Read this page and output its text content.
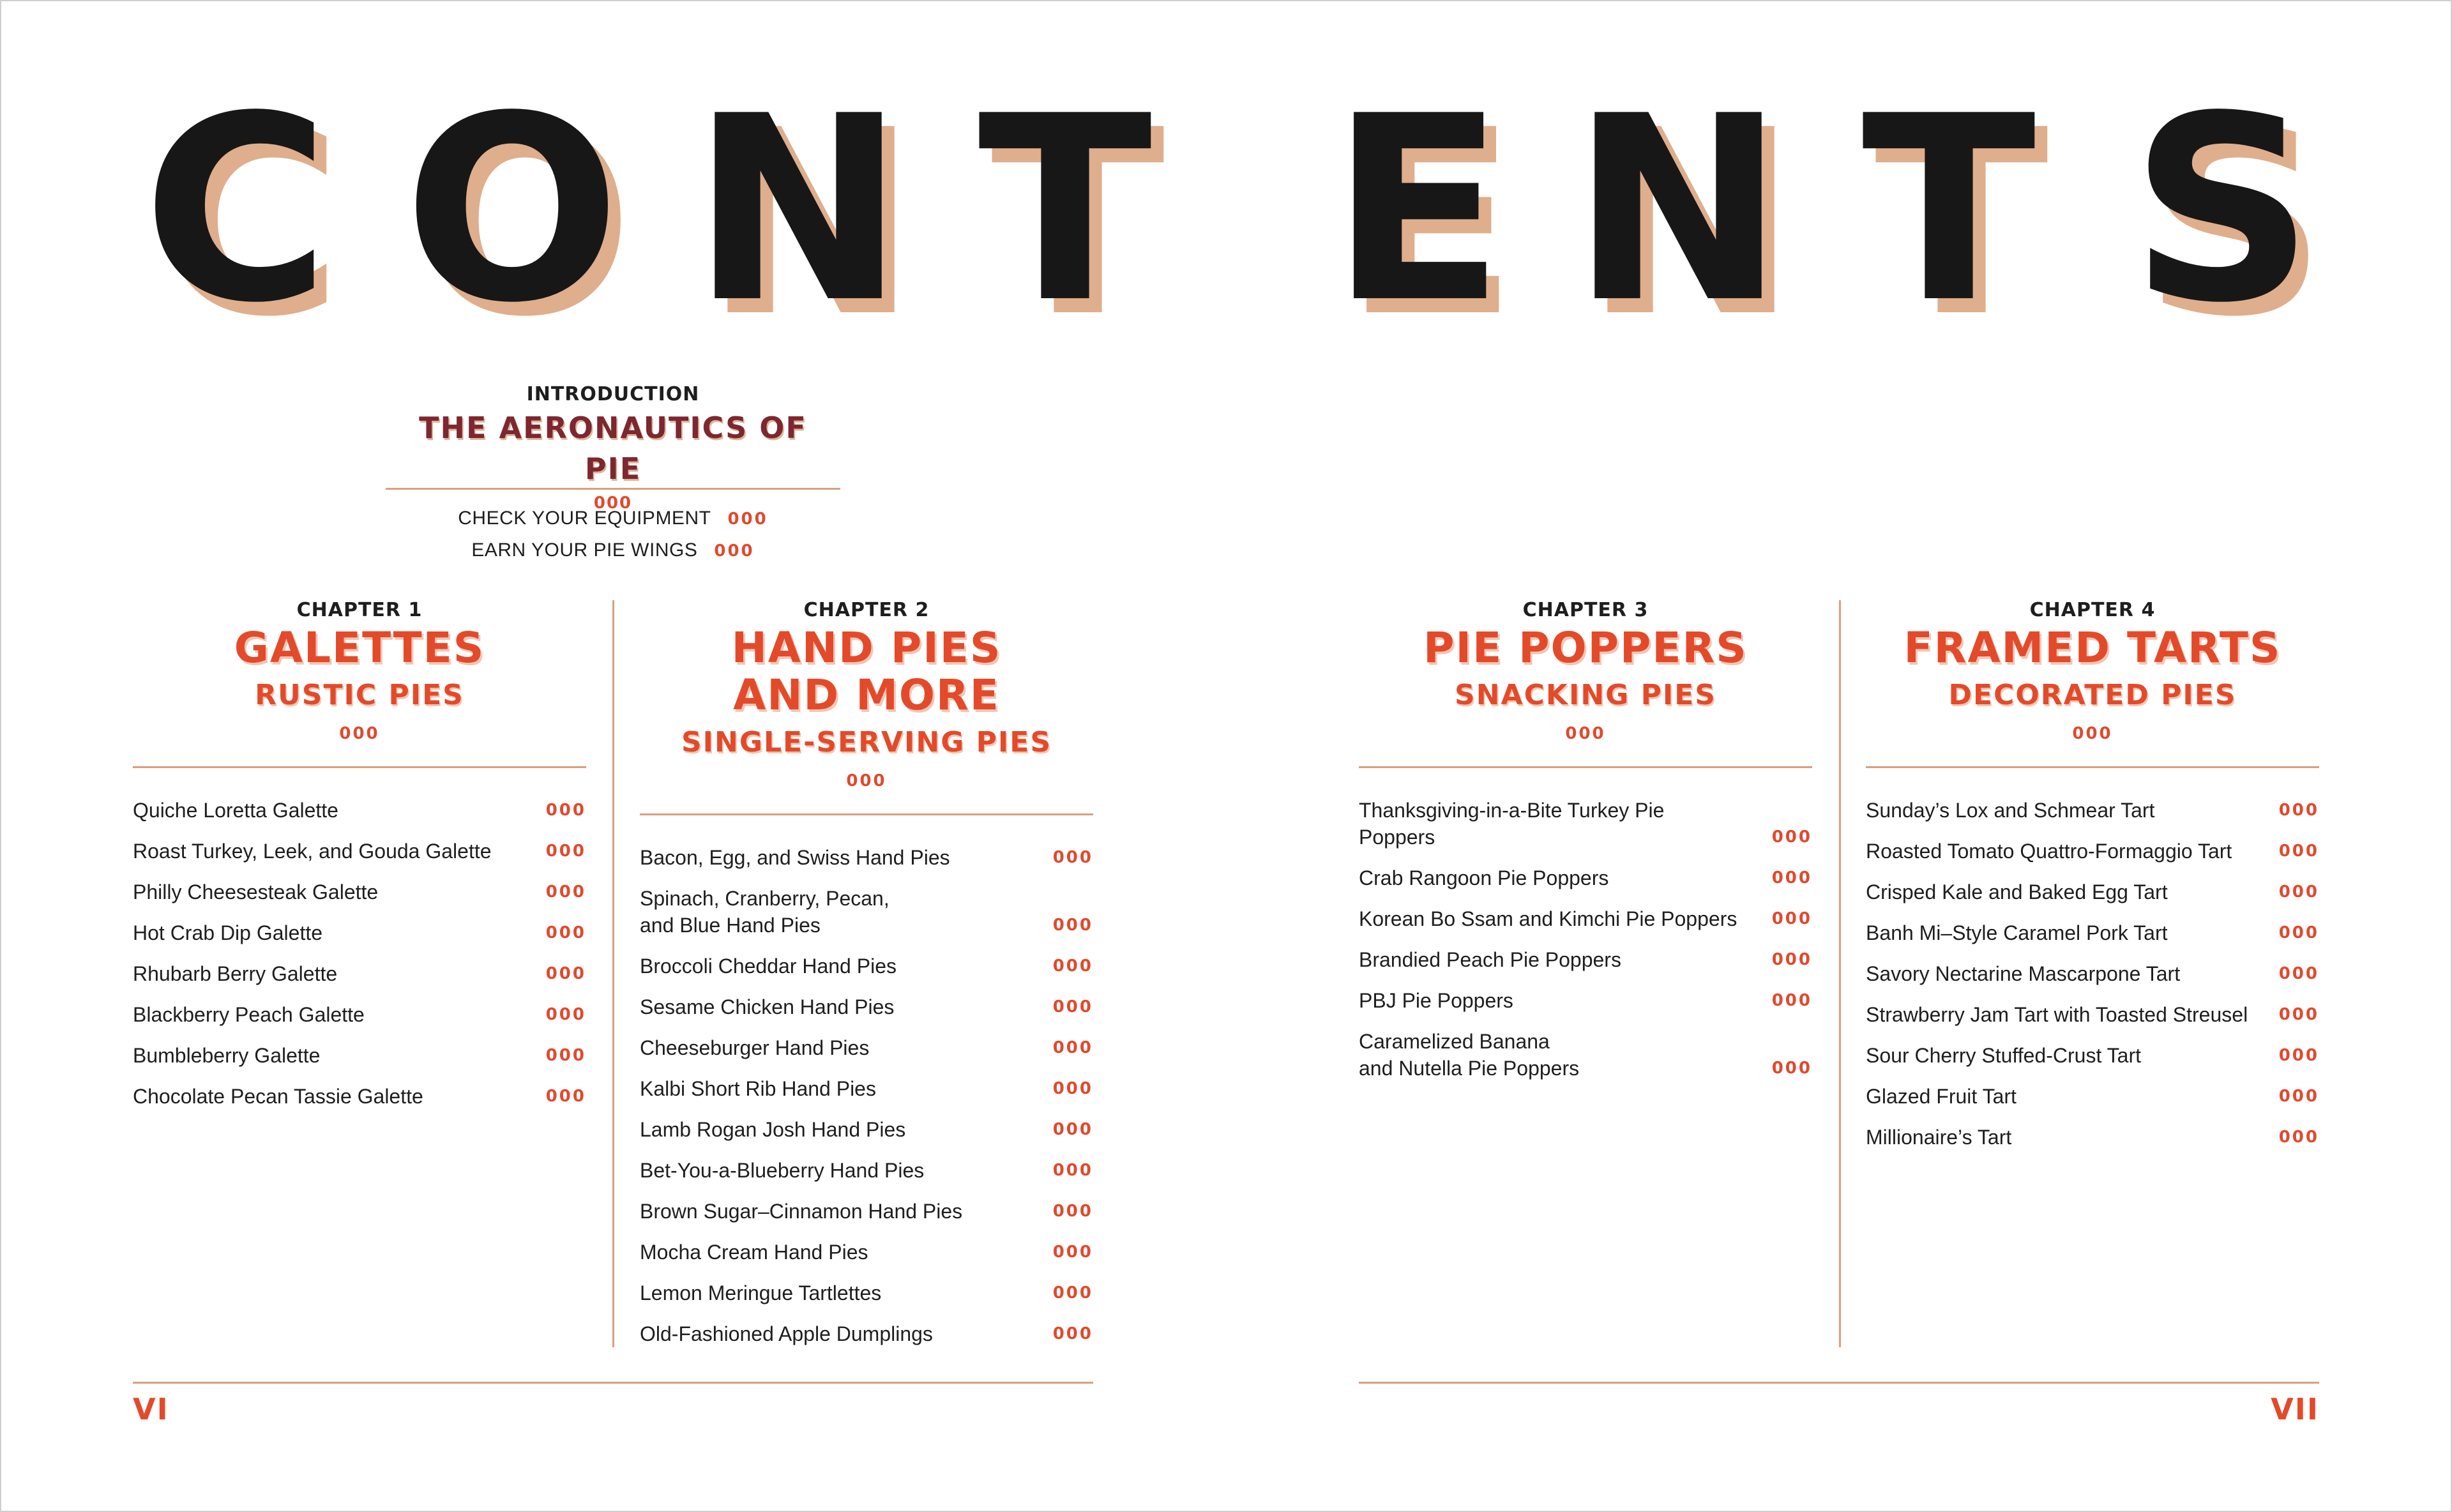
C O N T E N T S
INTRODUCTION
THE AERONAUTICS OF PIE
000
CHECK YOUR EQUIPMENT 000
EARN YOUR PIE WINGS 000
CHAPTER 1
GALETTES
RUSTIC PIES
000
Quiche Loretta Galette	000
Roast Turkey, Leek, and Gouda Galette	000
Philly Cheesesteak Galette	000
Hot Crab Dip Galette	000
Rhubarb Berry Galette	000
Blackberry Peach Galette	000
Bumbleberry Galette	000
Chocolate Pecan Tassie Galette	000
CHAPTER 2
HAND PIES
AND MORE
SINGLE-SERVING PIES
000
Bacon, Egg, and Swiss Hand Pies	000
Spinach, Cranberry, Pecan,
and Blue Hand Pies	000
Broccoli Cheddar Hand Pies	000
Sesame Chicken Hand Pies	000
Cheeseburger Hand Pies	000
Kalbi Short Rib Hand Pies	000
Lamb Rogan Josh Hand Pies	000
Bet-You-a-Blueberry Hand Pies	000
Brown Sugar–Cinnamon Hand Pies	000
Mocha Cream Hand Pies	000
Lemon Meringue Tartlettes	000
Old-Fashioned Apple Dumplings	000
CHAPTER 3
PIE POPPERS
SNACKING PIES
000
Thanksgiving-in-a-Bite Turkey Pie Poppers	000
Crab Rangoon Pie Poppers	000
Korean Bo Ssam and Kimchi Pie Poppers	000
Brandied Peach Pie Poppers	000
PBJ Pie Poppers	000
Caramelized Banana
and Nutella Pie Poppers	000
CHAPTER 4
FRAMED TARTS
DECORATED PIES
000
Sunday’s Lox and Schmear Tart	000
Roasted Tomato Quattro-Formaggio Tart	000
Crisped Kale and Baked Egg Tart	000
Banh Mi–Style Caramel Pork Tart	000
Savory Nectarine Mascarpone Tart	000
Strawberry Jam Tart with Toasted Streusel	000
Sour Cherry Stuffed-Crust Tart	000
Glazed Fruit Tart	000
Millionaire’s Tart	000
VI	VII
